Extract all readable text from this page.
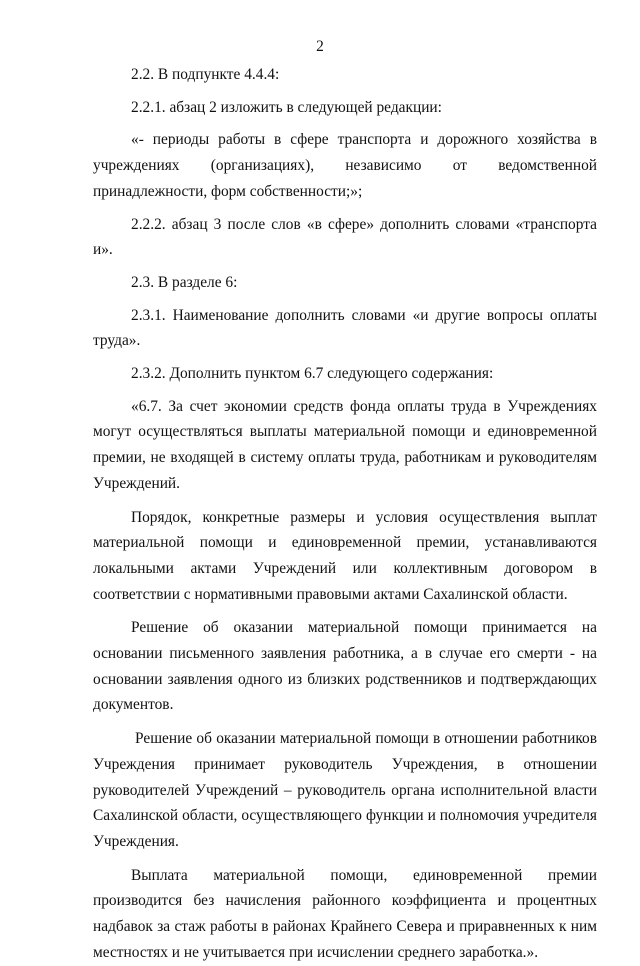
2

2.2. В подпункте 4.4.4:

2.2.1. абзац 2 изложить в следующей редакции:

«- периоды работы в сфере транспорта и дорожного хозяйства в учреждениях (организациях), независимо от ведомственной принадлежности, форм собственности;»;

2.2.2. абзац 3 после слов «в сфере» дополнить словами «транспорта и».

2.3. В разделе 6:

2.3.1. Наименование дополнить словами «и другие вопросы оплаты труда».

2.3.2. Дополнить пунктом 6.7 следующего содержания:

«6.7. За счет экономии средств фонда оплаты труда в Учреждениях могут осуществляться выплаты материальной помощи и единовременной премии, не входящей в систему оплаты труда, работникам и руководителям Учреждений.

Порядок, конкретные размеры и условия осуществления выплат материальной помощи и единовременной премии, устанавливаются локальными актами Учреждений или коллективным договором в соответствии с нормативными правовыми актами Сахалинской области.

Решение об оказании материальной помощи принимается на основании письменного заявления работника, а в случае его смерти - на основании заявления одного из близких родственников и подтверждающих документов.

Решение об оказании материальной помощи в отношении работников Учреждения принимает руководитель Учреждения, в отношении руководителей Учреждений – руководитель органа исполнительной власти Сахалинской области, осуществляющего функции и полномочия учредителя Учреждения.

Выплата материальной помощи, единовременной премии производится без начисления районного коэффициента и процентных надбавок за стаж работы в районах Крайнего Севера и приравненных к ним местностях и не учитывается при исчислении среднего заработка.».
